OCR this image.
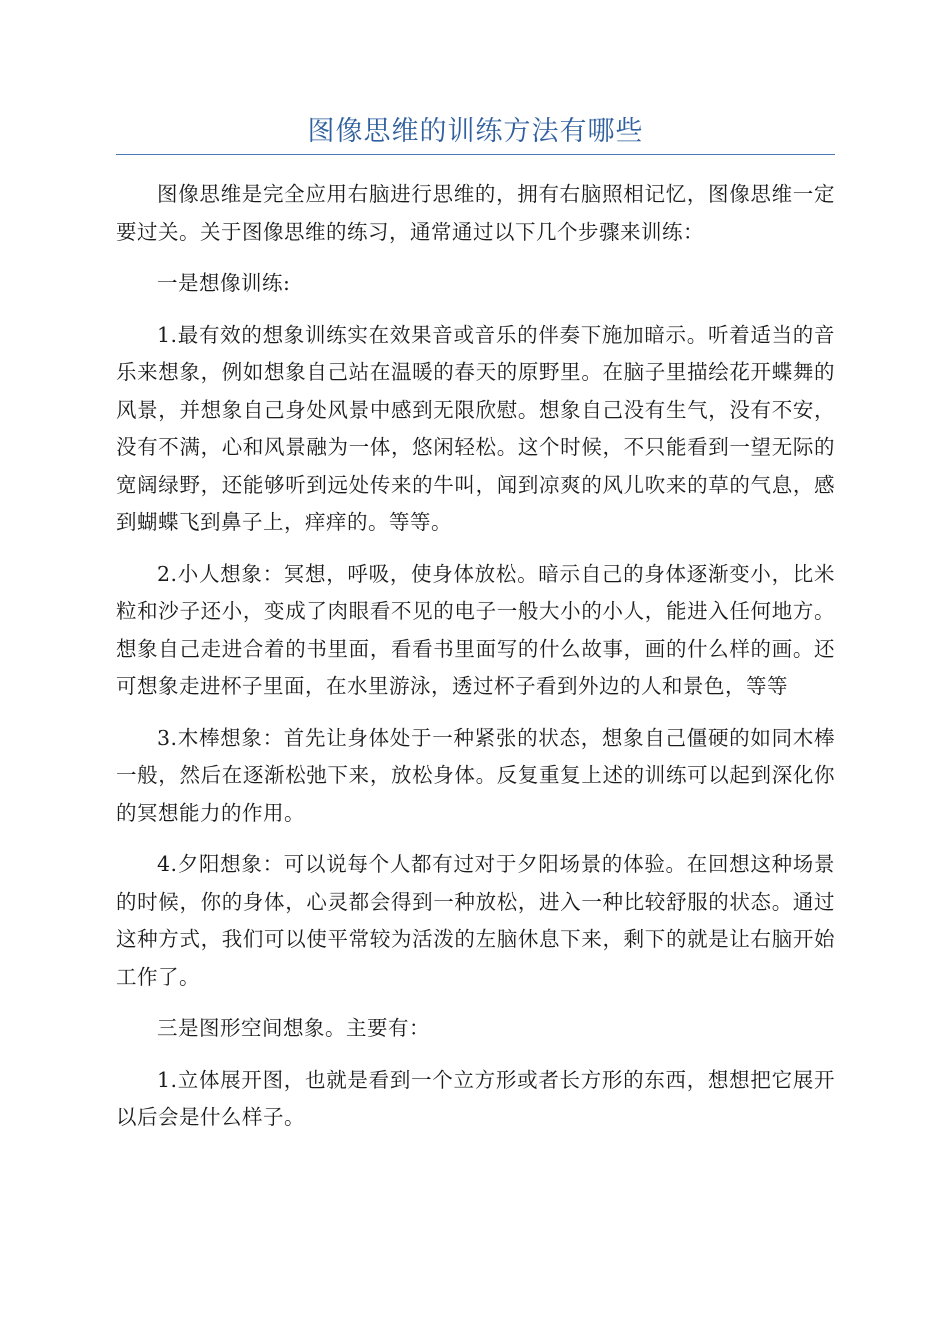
图像思维的训练方法有哪些

图像思维是完全应用右脑进行思维的，拥有右脑照相记忆，图像思维一定要过关。关于图像思维的练习，通常通过以下几个步骤来训练：

一是想像训练:

1.最有效的想象训练实在效果音或音乐的伴奏下施加暗示。听着适当的音乐来想象，例如想象自己站在温暖的春天的原野里。在脑子里描绘花开蝶舞的风景，并想象自己身处风景中感到无限欣慰。想象自己没有生气，没有不安，没有不满，心和风景融为一体，悠闲轻松。这个时候，不只能看到一望无际的宽阔绿野，还能够听到远处传来的牛叫，闻到凉爽的风儿吹来的草的气息，感到蝴蝶飞到鼻子上，痒痒的。等等。

2.小人想象：冥想，呼吸，使身体放松。暗示自己的身体逐渐变小，比米粒和沙子还小，变成了肉眼看不见的电子一般大小的小人，能进入任何地方。想象自己走进合着的书里面，看看书里面写的什么故事，画的什么样的画。还可想象走进杯子里面，在水里游泳，透过杯子看到外边的人和景色，等等

3.木棒想象：首先让身体处于一种紧张的状态，想象自己僵硬的如同木棒一般，然后在逐渐松弛下来，放松身体。反复重复上述的训练可以起到深化你的冥想能力的作用。

4.夕阳想象：可以说每个人都有过对于夕阳场景的体验。在回想这种场景的时候，你的身体，心灵都会得到一种放松，进入一种比较舒服的状态。通过这种方式，我们可以使平常较为活泼的左脑休息下来，剩下的就是让右脑开始工作了。

三是图形空间想象。主要有：

1.立体展开图，也就是看到一个立方形或者长方形的东西，想想把它展开以后会是什么样子。
